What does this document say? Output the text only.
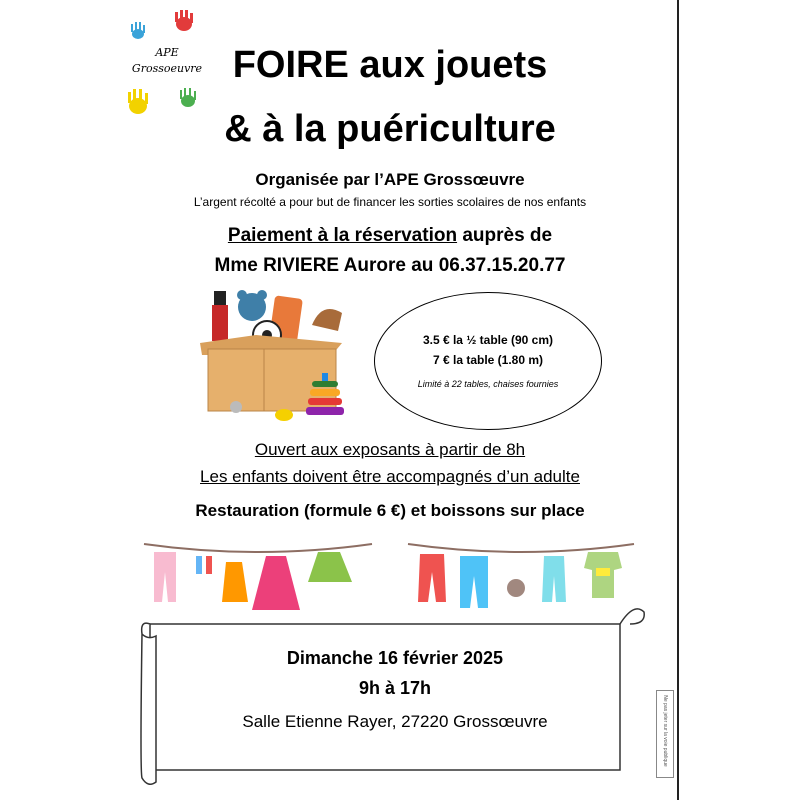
APE
Grossoeuvre FOIRE aux jouets
& à la puériculture
Organisée par l’APE Grossœuvre
L’argent récolté a pour but de financer les sorties scolaires de nos enfants
Paiement à la réservation auprès de
Mme RIVIERE Aurore au 06.37.15.20.77
3.5 € la ½ table (90 cm)
7 € la table (1.80 m)
Limité à 22 tables, chaises fournies
Ouvert aux exposants à partir de 8h
Les enfants doivent être accompagnés d’un adulte
Restauration (formule 6 €) et boissons sur place
Dimanche 16 février 2025
9h à 17h
Salle Etienne Rayer, 27220 Grossœuvre	Ne pas jeter sur la voie publique
